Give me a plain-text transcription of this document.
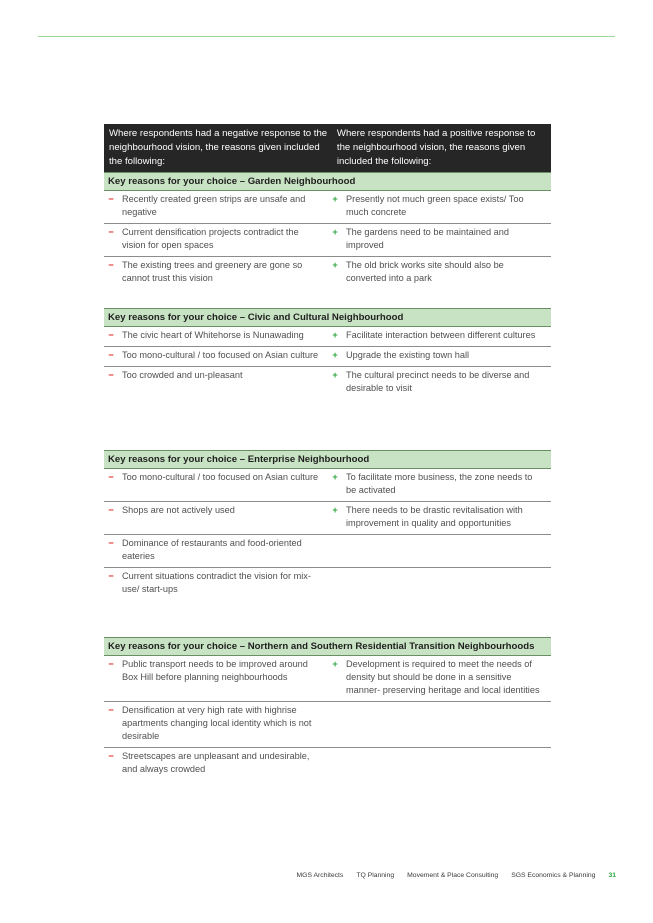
Where respondents had a negative response to the neighbourhood vision, the reasons given included the following:
Where respondents had a positive response to the neighbourhood vision, the reasons given included the following:
Key reasons for your choice – Garden Neighbourhood
− Recently created green strips are unsafe and negative
+ Presently not much green space exists/ Too much concrete
− Current densification projects contradict the vision for open spaces
+ The gardens need to be maintained and improved
− The existing trees and greenery are gone so cannot trust this vision
+ The old brick works site should also be converted into a park
Key reasons for your choice – Civic and Cultural Neighbourhood
− The civic heart of Whitehorse is Nunawading	+ Facilitate interaction between different cultures
− Too mono-cultural / too focused on Asian culture	+ Upgrade the existing town hall
− Too crowded and un-pleasant	+ The cultural precinct needs to be diverse and desirable to visit
Key reasons for your choice – Enterprise Neighbourhood
− Too mono-cultural / too focused on Asian culture	+ To facilitate more business, the zone needs to be activated
− Shops are not actively used	+ There needs to be drastic revitalisation with improvement in quality and opportunities
− Dominance of restaurants and food-oriented eateries
− Current situations contradict the vision for mix-use/ start-ups
Key reasons for your choice – Northern and Southern Residential Transition Neighbourhoods
− Public transport needs to be improved around Box Hill before planning neighbourhoods
+ Development is required to meet the needs of density but should be done in a sensitive manner- preserving heritage and local identities
− Densification at very high rate with highrise apartments changing local identity which is not desirable
− Streetscapes are unpleasant and undesirable, and always crowded
MGS Architects TQ Planning Movement & Place Consulting SGS Economics & Planning 31
